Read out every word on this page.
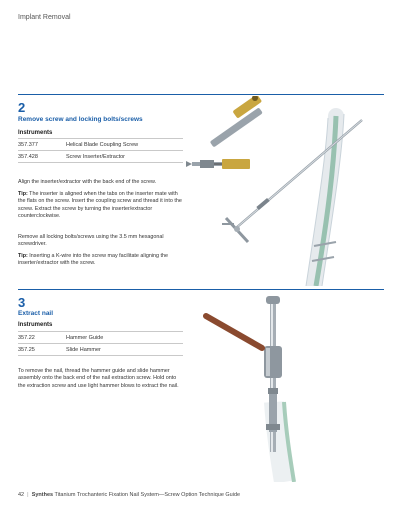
Implant Removal
2
Remove screw and locking bolts/screws
Instruments
357.377	Helical Blade Coupling Screw
357.428	Screw Inserter/Extractor
Align the inserter/extractor with the back end of the screw.
Tip: The inserter is aligned when the tabs on the inserter mate with the flats on the screw. Insert the coupling screw and thread it into the screw. Extract the screw by turning the inserter/extractor counterclockwise.
Remove all locking bolts/screws using the 3.5 mm hexagonal screwdriver.
Tip: Inserting a K-wire into the screw may facilitate aligning the inserter/extractor with the screw.
3
Extract nail
Instruments
357.22	Hammer Guide
357.25	Slide Hammer
To remove the nail, thread the hammer guide and slide hammer assembly onto the back end of the nail extraction screw. Hold onto the extraction screw and use light hammer blows to extract the nail.
42  |  Synthes Titanium Trochanteric Fixation Nail System—Screw Option Technique Guide
